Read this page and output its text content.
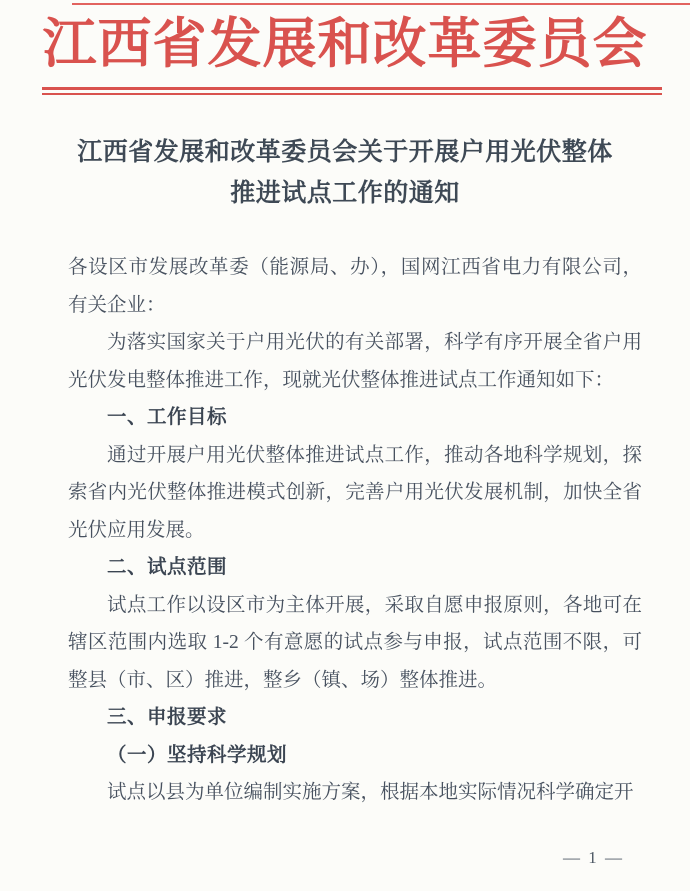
江西省发展和改革委员会
江西省发展和改革委员会关于开展户用光伏整体
推进试点工作的通知

各设区市发展改革委（能源局、办），国网江西省电力有限公司，有关企业：

为落实国家关于户用光伏的有关部署，科学有序开展全省户用光伏发电整体推进工作，现就光伏整体推进试点工作通知如下：

一、工作目标

通过开展户用光伏整体推进试点工作，推动各地科学规划，探索省内光伏整体推进模式创新，完善户用光伏发展机制，加快全省光伏应用发展。

二、试点范围

试点工作以设区市为主体开展，采取自愿申报原则，各地可在辖区范围内选取 1-2 个有意愿的试点参与申报，试点范围不限，可整县（市、区）推进，整乡（镇、场）整体推进。

三、申报要求

（一）坚持科学规划

试点以县为单位编制实施方案，根据本地实际情况科学确定开

— 1 —
